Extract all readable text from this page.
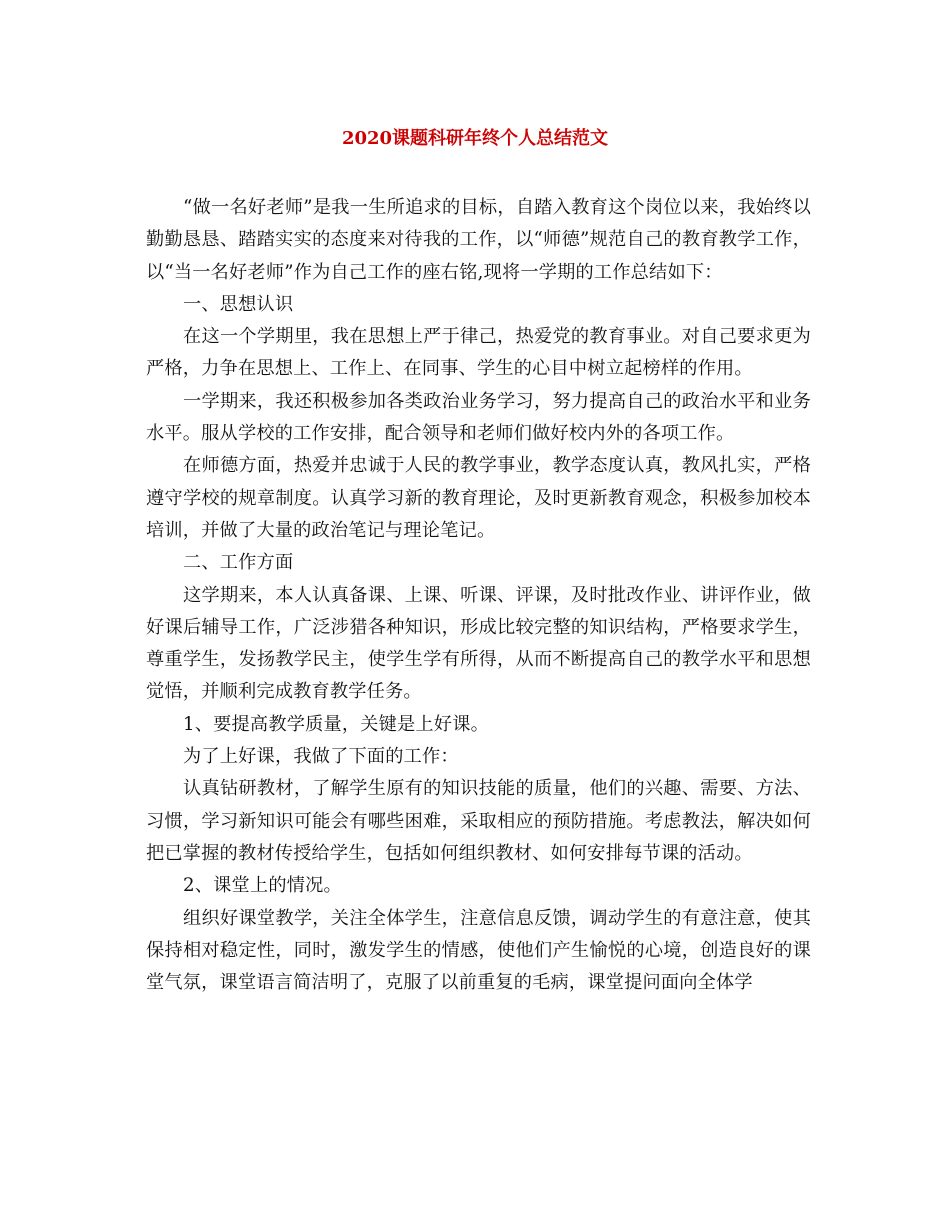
2020课题科研年终个人总结范文

“做一名好老师”是我一生所追求的目标，自踏入教育这个岗位以来，我始终以勤勤恳恳、踏踏实实的态度来对待我的工作，以“师德”规范自己的教育教学工作，以“当一名好老师”作为自己工作的座右铭,现将一学期的工作总结如下：

一、思想认识

在这一个学期里，我在思想上严于律己，热爱党的教育事业。对自己要求更为严格，力争在思想上、工作上、在同事、学生的心目中树立起榜样的作用。

一学期来，我还积极参加各类政治业务学习，努力提高自己的政治水平和业务水平。服从学校的工作安排，配合领导和老师们做好校内外的各项工作。

在师德方面，热爱并忠诚于人民的教学事业，教学态度认真，教风扎实，严格遵守学校的规章制度。认真学习新的教育理论，及时更新教育观念，积极参加校本培训，并做了大量的政治笔记与理论笔记。

二、工作方面

这学期来，本人认真备课、上课、听课、评课，及时批改作业、讲评作业，做好课后辅导工作，广泛涉猎各种知识，形成比较完整的知识结构，严格要求学生，尊重学生，发扬教学民主，使学生学有所得，从而不断提高自己的教学水平和思想觉悟，并顺利完成教育教学任务。

1、要提高教学质量，关键是上好课。

为了上好课，我做了下面的工作：

认真钻研教材，了解学生原有的知识技能的质量，他们的兴趣、需要、方法、习惯，学习新知识可能会有哪些困难，采取相应的预防措施。考虑教法，解决如何把已掌握的教材传授给学生，包括如何组织教材、如何安排每节课的活动。

2、课堂上的情况。

组织好课堂教学，关注全体学生，注意信息反馈，调动学生的有意注意，使其保持相对稳定性，同时，激发学生的情感，使他们产生愉悦的心境，创造良好的课堂气氛，课堂语言简洁明了，克服了以前重复的毛病，课堂提问面向全体学
